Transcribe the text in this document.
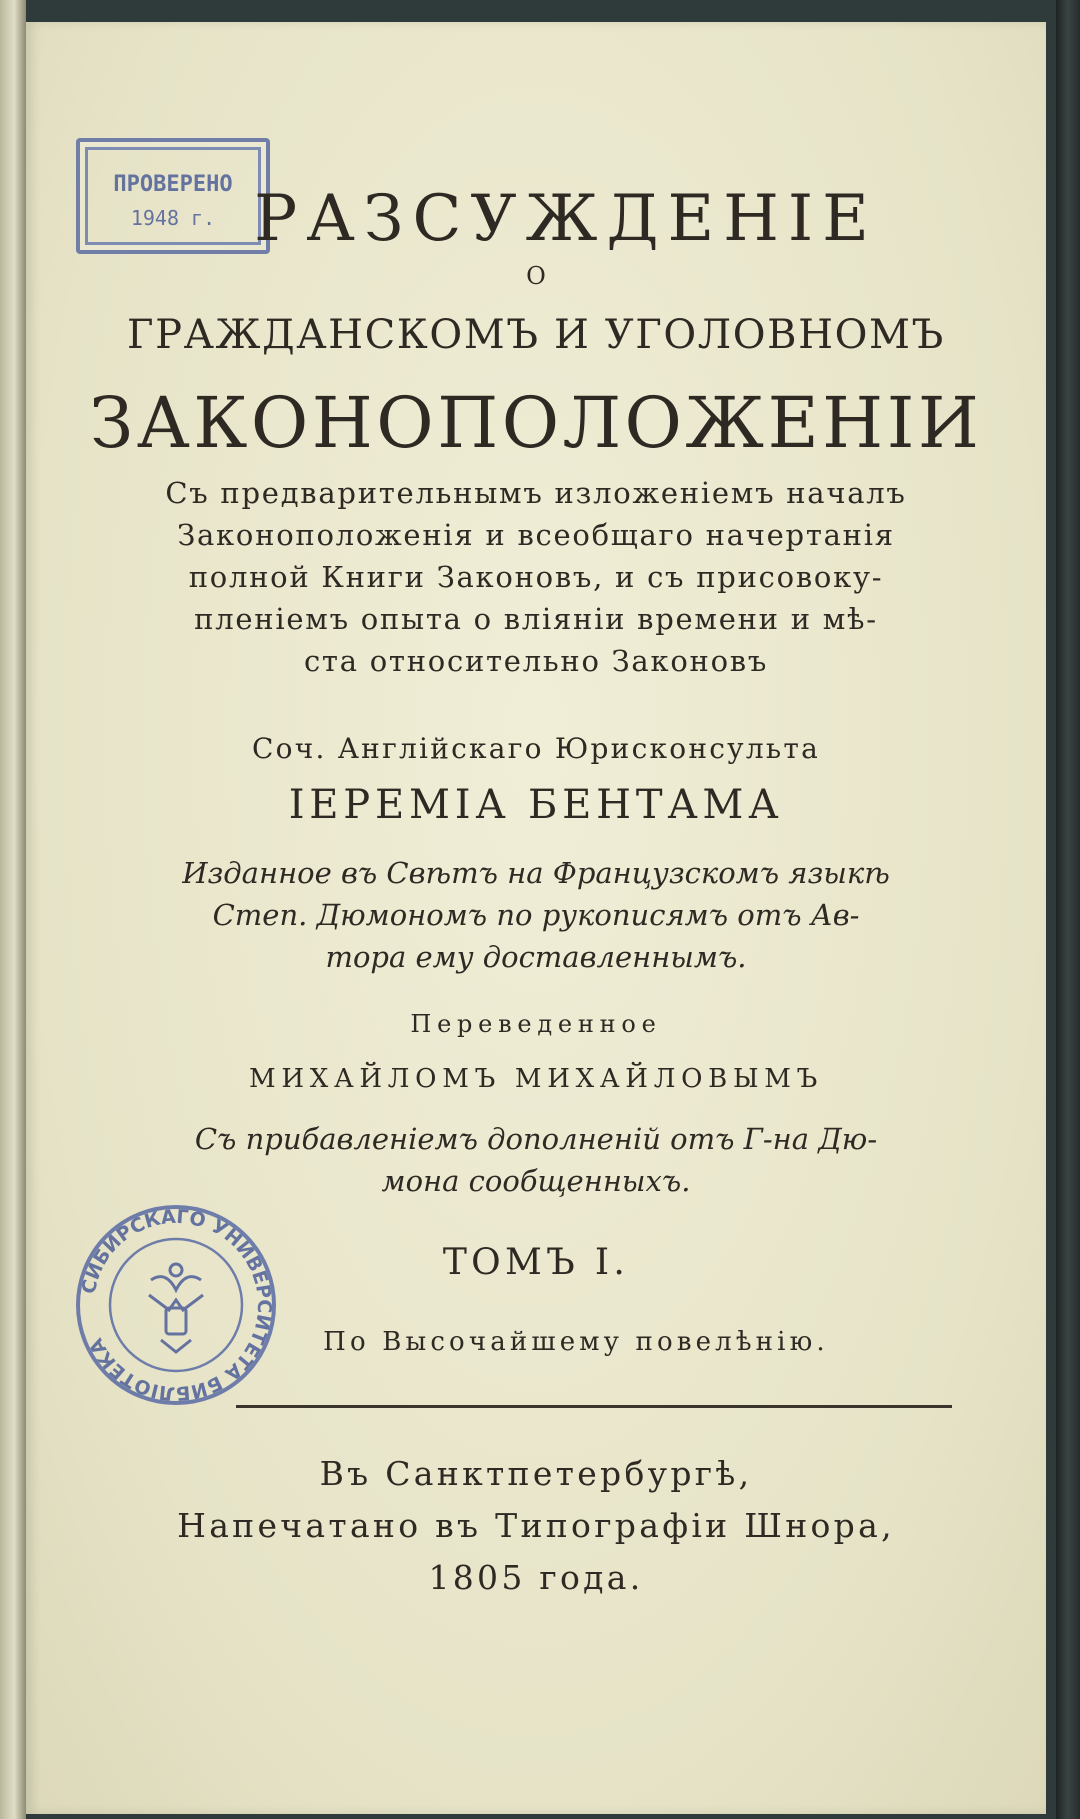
ПРОВЕРЕНО
1948 г.
СИБИРСКАГО УНИВЕРСИТЕТА БИБЛІОТЕКА
РАЗСУЖДЕНІЕ
О
ГРАЖДАНСКОМЪ И УГОЛОВНОМЪ
ЗАКОНОПОЛОЖЕНІИ
Съ предварительнымъ изложеніемъ началъ
Законоположенія и всеобщаго начертанія
полной Книги Законовъ, и съ присовоку-
пленіемъ опыта о вліяніи времени и мѣ-
ста относительно Законовъ
Соч. Англійскаго Юрисконсульта
ІЕРЕМІА БЕНТАМА
Изданное въ Свѣтъ на Французскомъ языкѣ
Степ. Дюмономъ по рукописямъ отъ Ав-
тора ему доставленнымъ.
Переведенное
МИХАЙЛОМЪ МИХАЙЛОВЫМЪ
Съ прибавленіемъ дополненій отъ Г-на Дю-
мона сообщенныхъ.
ТОМЪ I.
По Высочайшему повелѣнію.
Въ Санктпетербургѣ,
Напечатано въ Типографіи Шнора,
1805 года.
